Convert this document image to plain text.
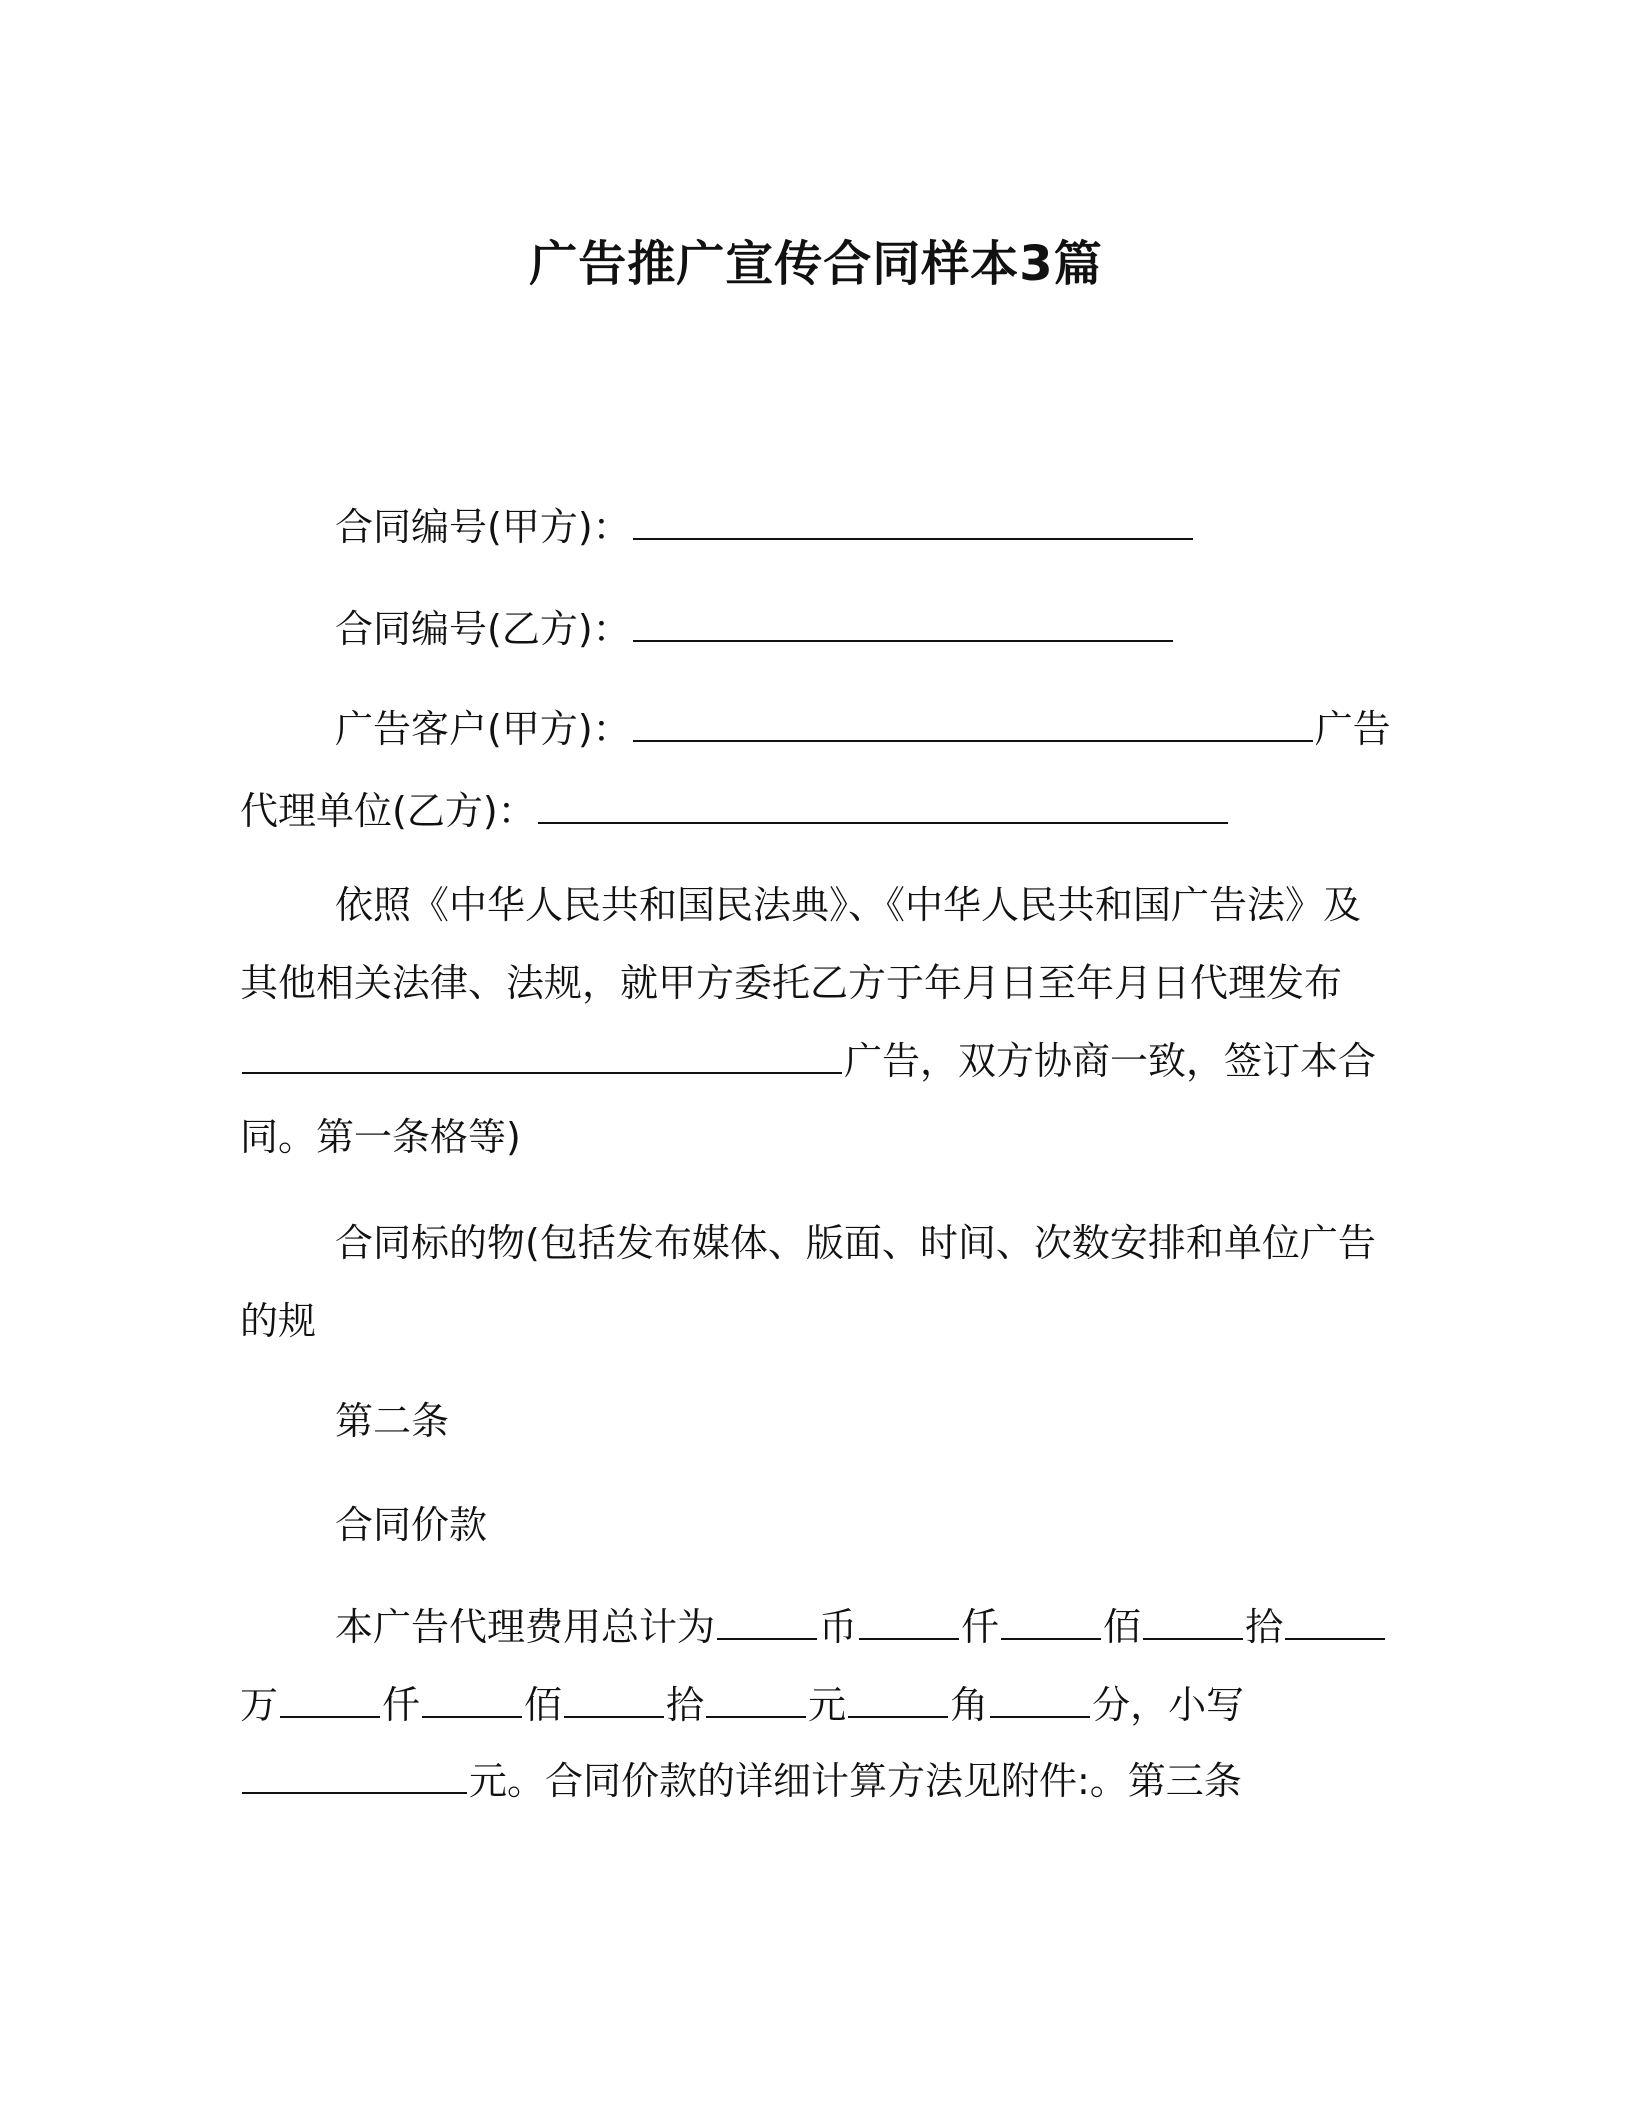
广告推广宣传合同样本3篇
合同编号(甲方)：
合同编号(乙方)：
广告客户(甲方)：	广告
代理单位(乙方)：
依照《中华人民共和国民法典》、《中华人民共和国广告法》及
其他相关法律、法规，就甲方委托乙方于年月日至年月日代理发布
广告，双方协商一致，签订本合
同。第一条格等)
合同标的物(包括发布媒体、版面、时间、次数安排和单位广告
的规
第二条
合同价款
本广告代理费用总计为	币	仟	佰	拾
万	仟	佰	拾	元	角	分，小写
元。合同价款的详细计算方法见附件:。第三条
